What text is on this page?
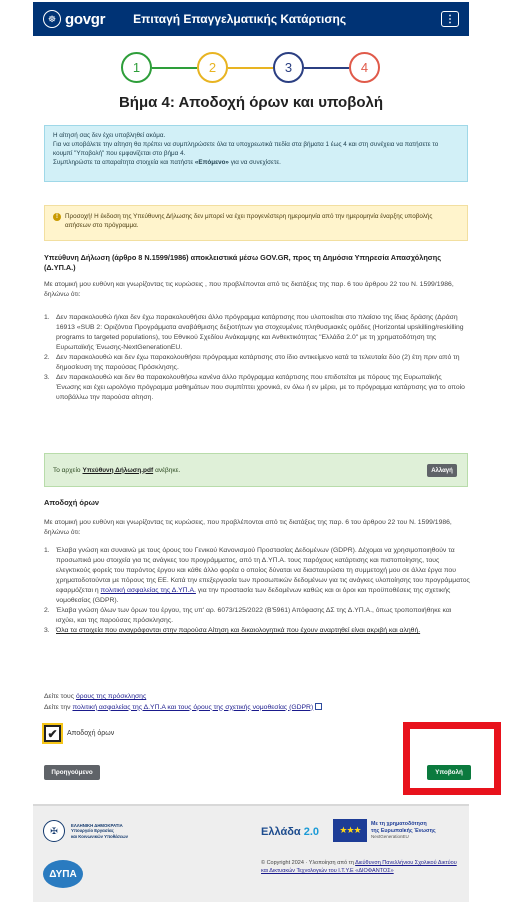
☸ govgr Επιταγή Επαγγελματικής Κατάρτισης	⋮
1	2	3	4
Βήμα 4: Αποδοχή όρων και υποβολή
Η αίτησή σας δεν έχει υποβληθεί ακόμα.
Για να υποβάλετε την αίτηση θα πρέπει να συμπληρώσετε όλα τα υποχρεωτικά πεδία στα βήματα 1 έως 4 και στη συνέχεια να πατήσετε το κουμπί "Υποβολή" που εμφανίζεται στο βήμα 4.
Συμπληρώστε τα απαραίτητα στοιχεία και πατήστε «Επόμενο» για να συνεχίσετε.
!	Προσοχή! Η έκδοση της Υπεύθυνης Δήλωσης δεν μπορεί να έχει προγενέστερη ημερομηνία από την ημερομηνία έναρξης υποβολής αιτήσεων στο πρόγραμμα.
Υπεύθυνη Δήλωση (άρθρο 8 Ν.1599/1986) αποκλειστικά μέσω GOV.GR, προς τη Δημόσια Υπηρεσία Απασχόλησης (Δ.ΥΠ.Α.)
Με ατομική μου ευθύνη και γνωρίζοντας τις κυρώσεις , που προβλέπονται από τις διατάξεις της παρ. 6 του άρθρου 22 του Ν. 1599/1986, δηλώνω ότι:
1. Δεν παρακολουθώ ή/και δεν έχω παρακολουθήσει άλλο πρόγραμμα κατάρτισης που υλοποιείται στο πλαίσιο της ίδιας δράσης (Δράση 16913 «SUB 2: Οριζόντια Προγράμματα αναβάθμισης δεξιοτήτων για στοχευμένες πληθυσμιακές ομάδες (Horizontal upskilling/reskilling programs to targeted populations), του Εθνικού Σχεδίου Ανάκαμψης και Ανθεκτικότητας "Ελλάδα 2.0" με τη χρηματοδότηση της Ευρωπαϊκής Ένωσης-NextGenerationEU.
2. Δεν παρακολουθώ και δεν έχω παρακολουθήσει πρόγραμμα κατάρτισης στο ίδιο αντικείμενο κατά τα τελευταία δύο (2) έτη πριν από τη δημοσίευση της παρούσας Πρόσκλησης.
3. Δεν παρακολουθώ και δεν θα παρακολουθήσω κανένα άλλο πρόγραμμα κατάρτισης που επιδοτείται με πόρους της Ευρωπαϊκής Ένωσης και έχει ωρολόγιο πρόγραμμα μαθημάτων που συμπίπτει χρονικά, εν όλω ή εν μέρει, με το πρόγραμμα κατάρτισης για το οποίο υποβάλλω την παρούσα αίτηση.
Το αρχείο Υπεύθυνη Δήλωση.pdf ανέβηκε.	Αλλαγή
Αποδοχή όρων
Με ατομική μου ευθύνη και γνωρίζοντας τις κυρώσεις, που προβλέπονται από τις διατάξεις της παρ. 6 του άρθρου 22 του Ν. 1599/1986, δηλώνω ότι:
1. Έλαβα γνώση και συναινώ με τους όρους του Γενικού Κανονισμού Προστασίας Δεδομένων (GDPR). Δέχομαι να χρησιμοποιηθούν τα προσωπικά μου στοιχεία για τις ανάγκες του προγράμματος, από τη Δ.ΥΠ.Α. τους παρόχους κατάρτισης και πιστοποίησης, τους ελεγκτικούς φορείς του παρόντος έργου και κάθε άλλο φορέα ο οποίος δύναται να διασταυρώσει τη συμμετοχή μου σε άλλα έργα που χρηματοδοτούνται με πόρους της ΕΕ. Κατά την επεξεργασία των προσωπικών δεδομένων για τις ανάγκες υλοποίησης του προγράμματος εφαρμόζεται η πολιτική ασφαλείας της Δ.ΥΠ.Α. για την προστασία των δεδομένων καθώς και οι όροι και προϋποθέσεις της σχετικής νομοθεσίας (GDPR).
2. Έλαβα γνώση όλων των όρων του έργου, της υπ' αρ. 6073/125/2022 (Β'5961) Απόφασης ΔΣ της Δ.ΥΠ.Α., όπως τροποποιήθηκε και ισχύει, και της παρούσας πρόσκλησης.
3. Όλα τα στοιχεία που αναγράφονται στην παρούσα Αίτηση και δικαιολογητικά που έχουν αναρτηθεί είναι ακριβή και αληθή.
Δείτε τους όρους της πρόσκλησης
Δείτε την πολιτική ασφαλείας της Δ.ΥΠ.Α και τους όρους της σχετικής νομοθεσίας (GDPR)
✔	Αποδοχή όρων
Προηγούμενο	Υποβολή
✠
ΕΛΛΗΝΙΚΗ ΔΗΜΟΚΡΑΤΙΑ
Υπουργείο Εργασίας
και Κοινωνικών Υποθέσεων
ΔΥΠΑ
Ελλάδα 2.0	★★★
Με τη χρηματοδότηση
της Ευρωπαϊκής Ένωσης
NextGenerationEU
© Copyright 2024 · Υλοποίηση από τη Διεύθυνση Πανελλήνιου Σχολικού Δικτύου και Δικτυακών Τεχνολογιών του Ι.Τ.Υ.Ε «ΔΙΟΦΑΝΤΟΣ»
